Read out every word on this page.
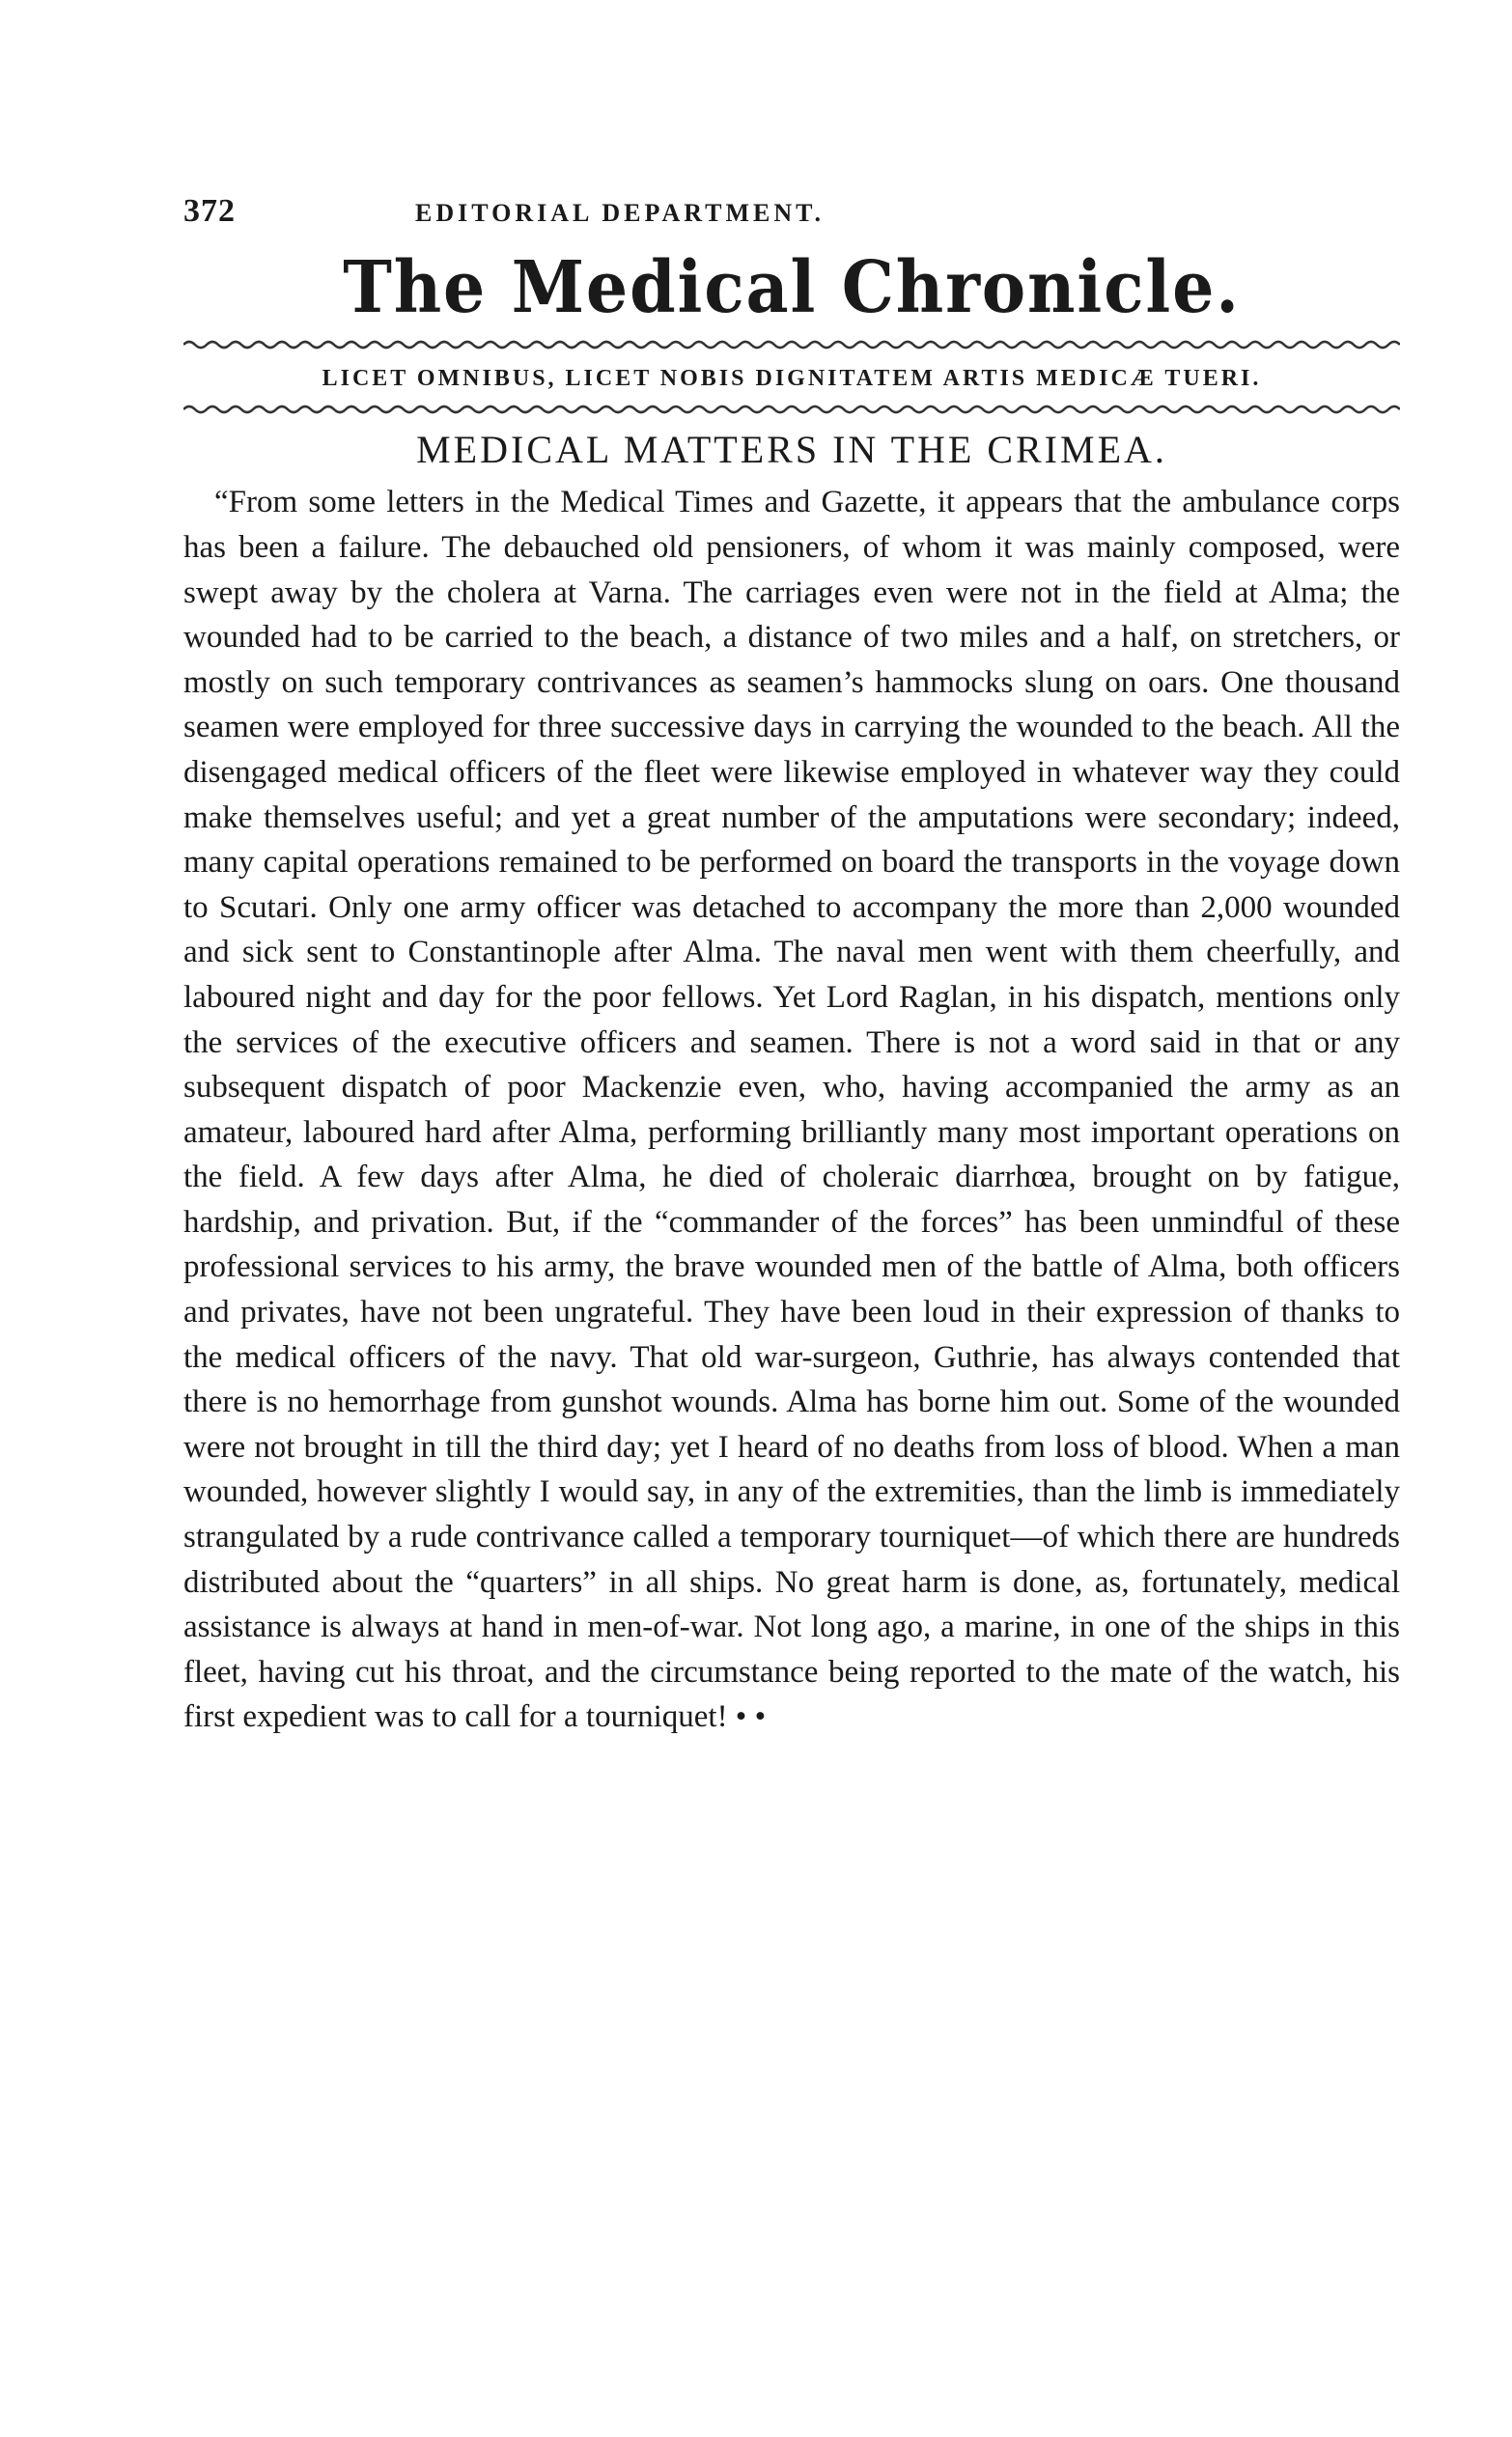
372	EDITORIAL DEPARTMENT.
The Medical Chronicle.
LICET OMNIBUS, LICET NOBIS DIGNITATEM ARTIS MEDICÆ TUERI.
MEDICAL MATTERS IN THE CRIMEA.

“From some letters in the Medical Times and Gazette, it appears that the ambulance corps has been a failure. The debauched old pensioners, of whom it was mainly composed, were swept away by the cholera at Varna. The carriages even were not in the field at Alma; the wounded had to be carried to the beach, a distance of two miles and a half, on stretchers, or mostly on such temporary contrivances as seamen’s hammocks slung on oars. One thousand seamen were employed for three successive days in carrying the wounded to the beach. All the disengaged medical officers of the fleet were likewise employed in whatever way they could make themselves useful; and yet a great number of the amputations were secondary; indeed, many capital operations remained to be performed on board the transports in the voyage down to Scutari. Only one army officer was detached to accompany the more than 2,000 wounded and sick sent to Constantinople after Alma. The naval men went with them cheerfully, and laboured night and day for the poor fellows. Yet Lord Raglan, in his dispatch, mentions only the services of the executive officers and seamen. There is not a word said in that or any subsequent dispatch of poor Mackenzie even, who, having accompanied the army as an amateur, laboured hard after Alma, performing brilliantly many most important operations on the field. A few days after Alma, he died of choleraic diarrhœa, brought on by fatigue, hardship, and privation. But, if the “commander of the forces” has been unmindful of these professional services to his army, the brave wounded men of the battle of Alma, both officers and privates, have not been ungrateful. They have been loud in their expression of thanks to the medical officers of the navy. That old war-surgeon, Guthrie, has always contended that there is no hemorrhage from gunshot wounds. Alma has borne him out. Some of the wounded were not brought in till the third day; yet I heard of no deaths from loss of blood. When a man wounded, however slightly I would say, in any of the extremities, than the limb is immediately strangulated by a rude contrivance called a temporary tourniquet—of which there are hundreds distributed about the “quarters” in all ships. No great harm is done, as, fortunately, medical assistance is always at hand in men-of-war. Not long ago, a marine, in one of the ships in this fleet, having cut his throat, and the circumstance being reported to the mate of the watch, his first expedient was to call for a tourniquet! • •
